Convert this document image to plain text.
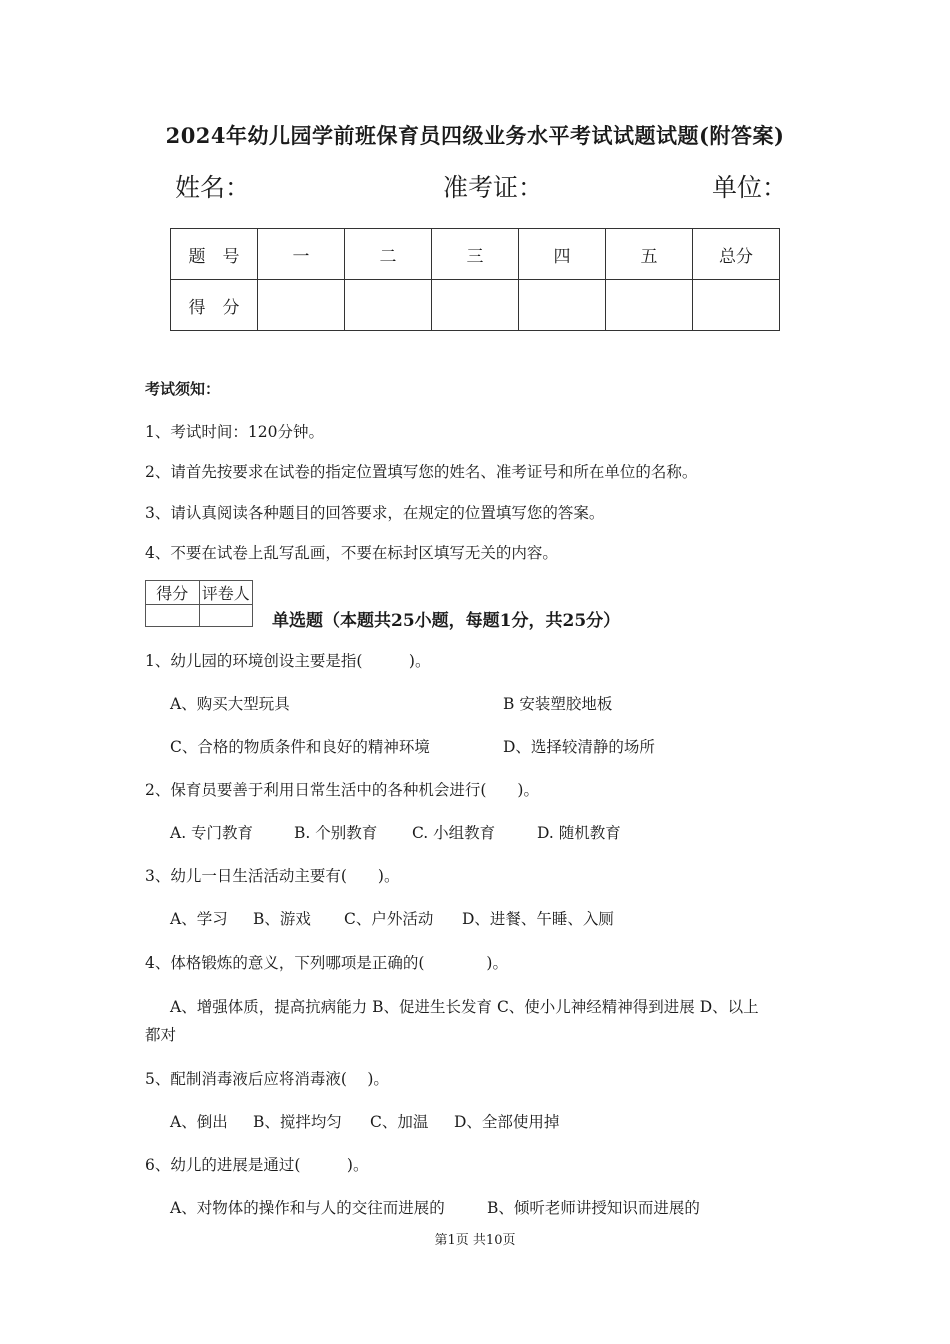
2024年幼儿园学前班保育员四级业务水平考试试题试题(附答案)
姓名：	准考证：	单位：
题　号	一	二	三	四	五	总分
得　分						
考试须知：
1、考试时间：120分钟。
2、请首先按要求在试卷的指定位置填写您的姓名、准考证号和所在单位的名称。
3、请认真阅读各种题目的回答要求，在规定的位置填写您的答案。
4、不要在试卷上乱写乱画，不要在标封区填写无关的内容。
得分	评卷人

单选题（本题共25小题，每题1分，共25分）
1、幼儿园的环境创设主要是指(　　　)。
A、购买大型玩具	B 安装塑胶地板
C、合格的物质条件和良好的精神环境	D、选择较清静的场所
2、保育员要善于利用日常生活中的各种机会进行(　　)。
A. 专门教育	B. 个别教育 C. 小组教育	D. 随机教育
3、幼儿一日生活活动主要有(　　)。
A、学习 B、游戏 C、户外活动 D、进餐、午睡、入厕
4、体格锻炼的意义，下列哪项是正确的(　　　　)。
A、增强体质，提高抗病能力 B、促进生长发育 C、使小儿神经精神得到进展 D、以上
都对
5、配制消毒液后应将消毒液(　 )。
A、倒出 B、搅拌均匀 C、加温 D、全部使用掉
6、幼儿的进展是通过(　　　)。
A、对物体的操作和与人的交往而进展的	B、倾听老师讲授知识而进展的
第1页 共10页
